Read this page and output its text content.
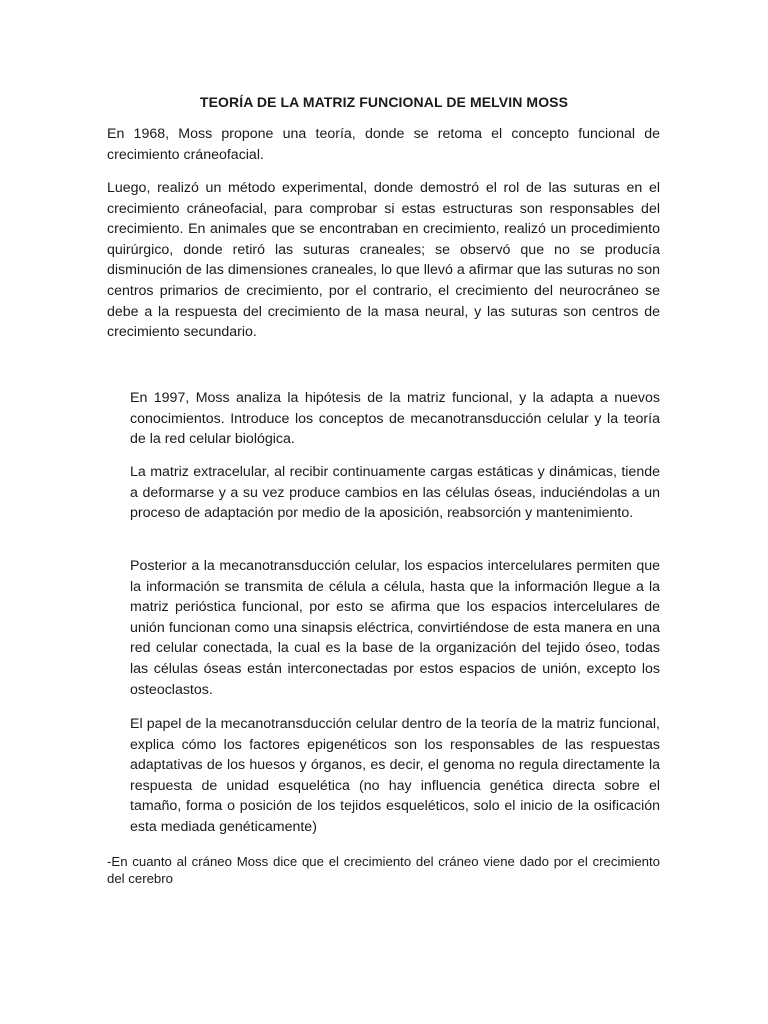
TEORÍA DE LA MATRIZ FUNCIONAL DE MELVIN MOSS

En 1968, Moss propone una teoría, donde se retoma el concepto funcional de crecimiento cráneofacial.

Luego, realizó un método experimental, donde demostró el rol de las suturas en el crecimiento cráneofacial, para comprobar si estas estructuras son responsables del crecimiento. En animales que se encontraban en crecimiento, realizó un procedimiento quirúrgico, donde retiró las suturas craneales; se observó que no se producía disminución de las dimensiones craneales, lo que llevó a afirmar que las suturas no son centros primarios de crecimiento, por el contrario, el crecimiento del neurocráneo se debe a la respuesta del crecimiento de la masa neural, y las suturas son centros de crecimiento secundario.

En 1997, Moss analiza la hipótesis de la matriz funcional, y la adapta a nuevos conocimientos. Introduce los conceptos de mecanotransducción celular y la teoría de la red celular biológica.

La matriz extracelular, al recibir continuamente cargas estáticas y dinámicas, tiende a deformarse y a su vez produce cambios en las células óseas, induciéndolas a un proceso de adaptación por medio de la aposición, reabsorción y mantenimiento.

Posterior a la mecanotransducción celular, los espacios intercelulares permiten que la información se transmita de célula a célula, hasta que la información llegue a la matriz perióstica funcional, por esto se afirma que los espacios intercelulares de unión funcionan como una sinapsis eléctrica, convirtiéndose de esta manera en una red celular conectada, la cual es la base de la organización del tejido óseo, todas las células óseas están interconectadas por estos espacios de unión, excepto los osteoclastos.

El papel de la mecanotransducción celular dentro de la teoría de la matriz funcional, explica cómo los factores epigenéticos son los responsables de las respuestas adaptativas de los huesos y órganos, es decir, el genoma no regula directamente la respuesta de unidad esquelética (no hay influencia genética directa sobre el tamaño, forma o posición de los tejidos esqueléticos, solo el inicio de la osificación esta mediada genéticamente)

-En cuanto al cráneo Moss dice que el crecimiento del cráneo viene dado por el crecimiento del cerebro
